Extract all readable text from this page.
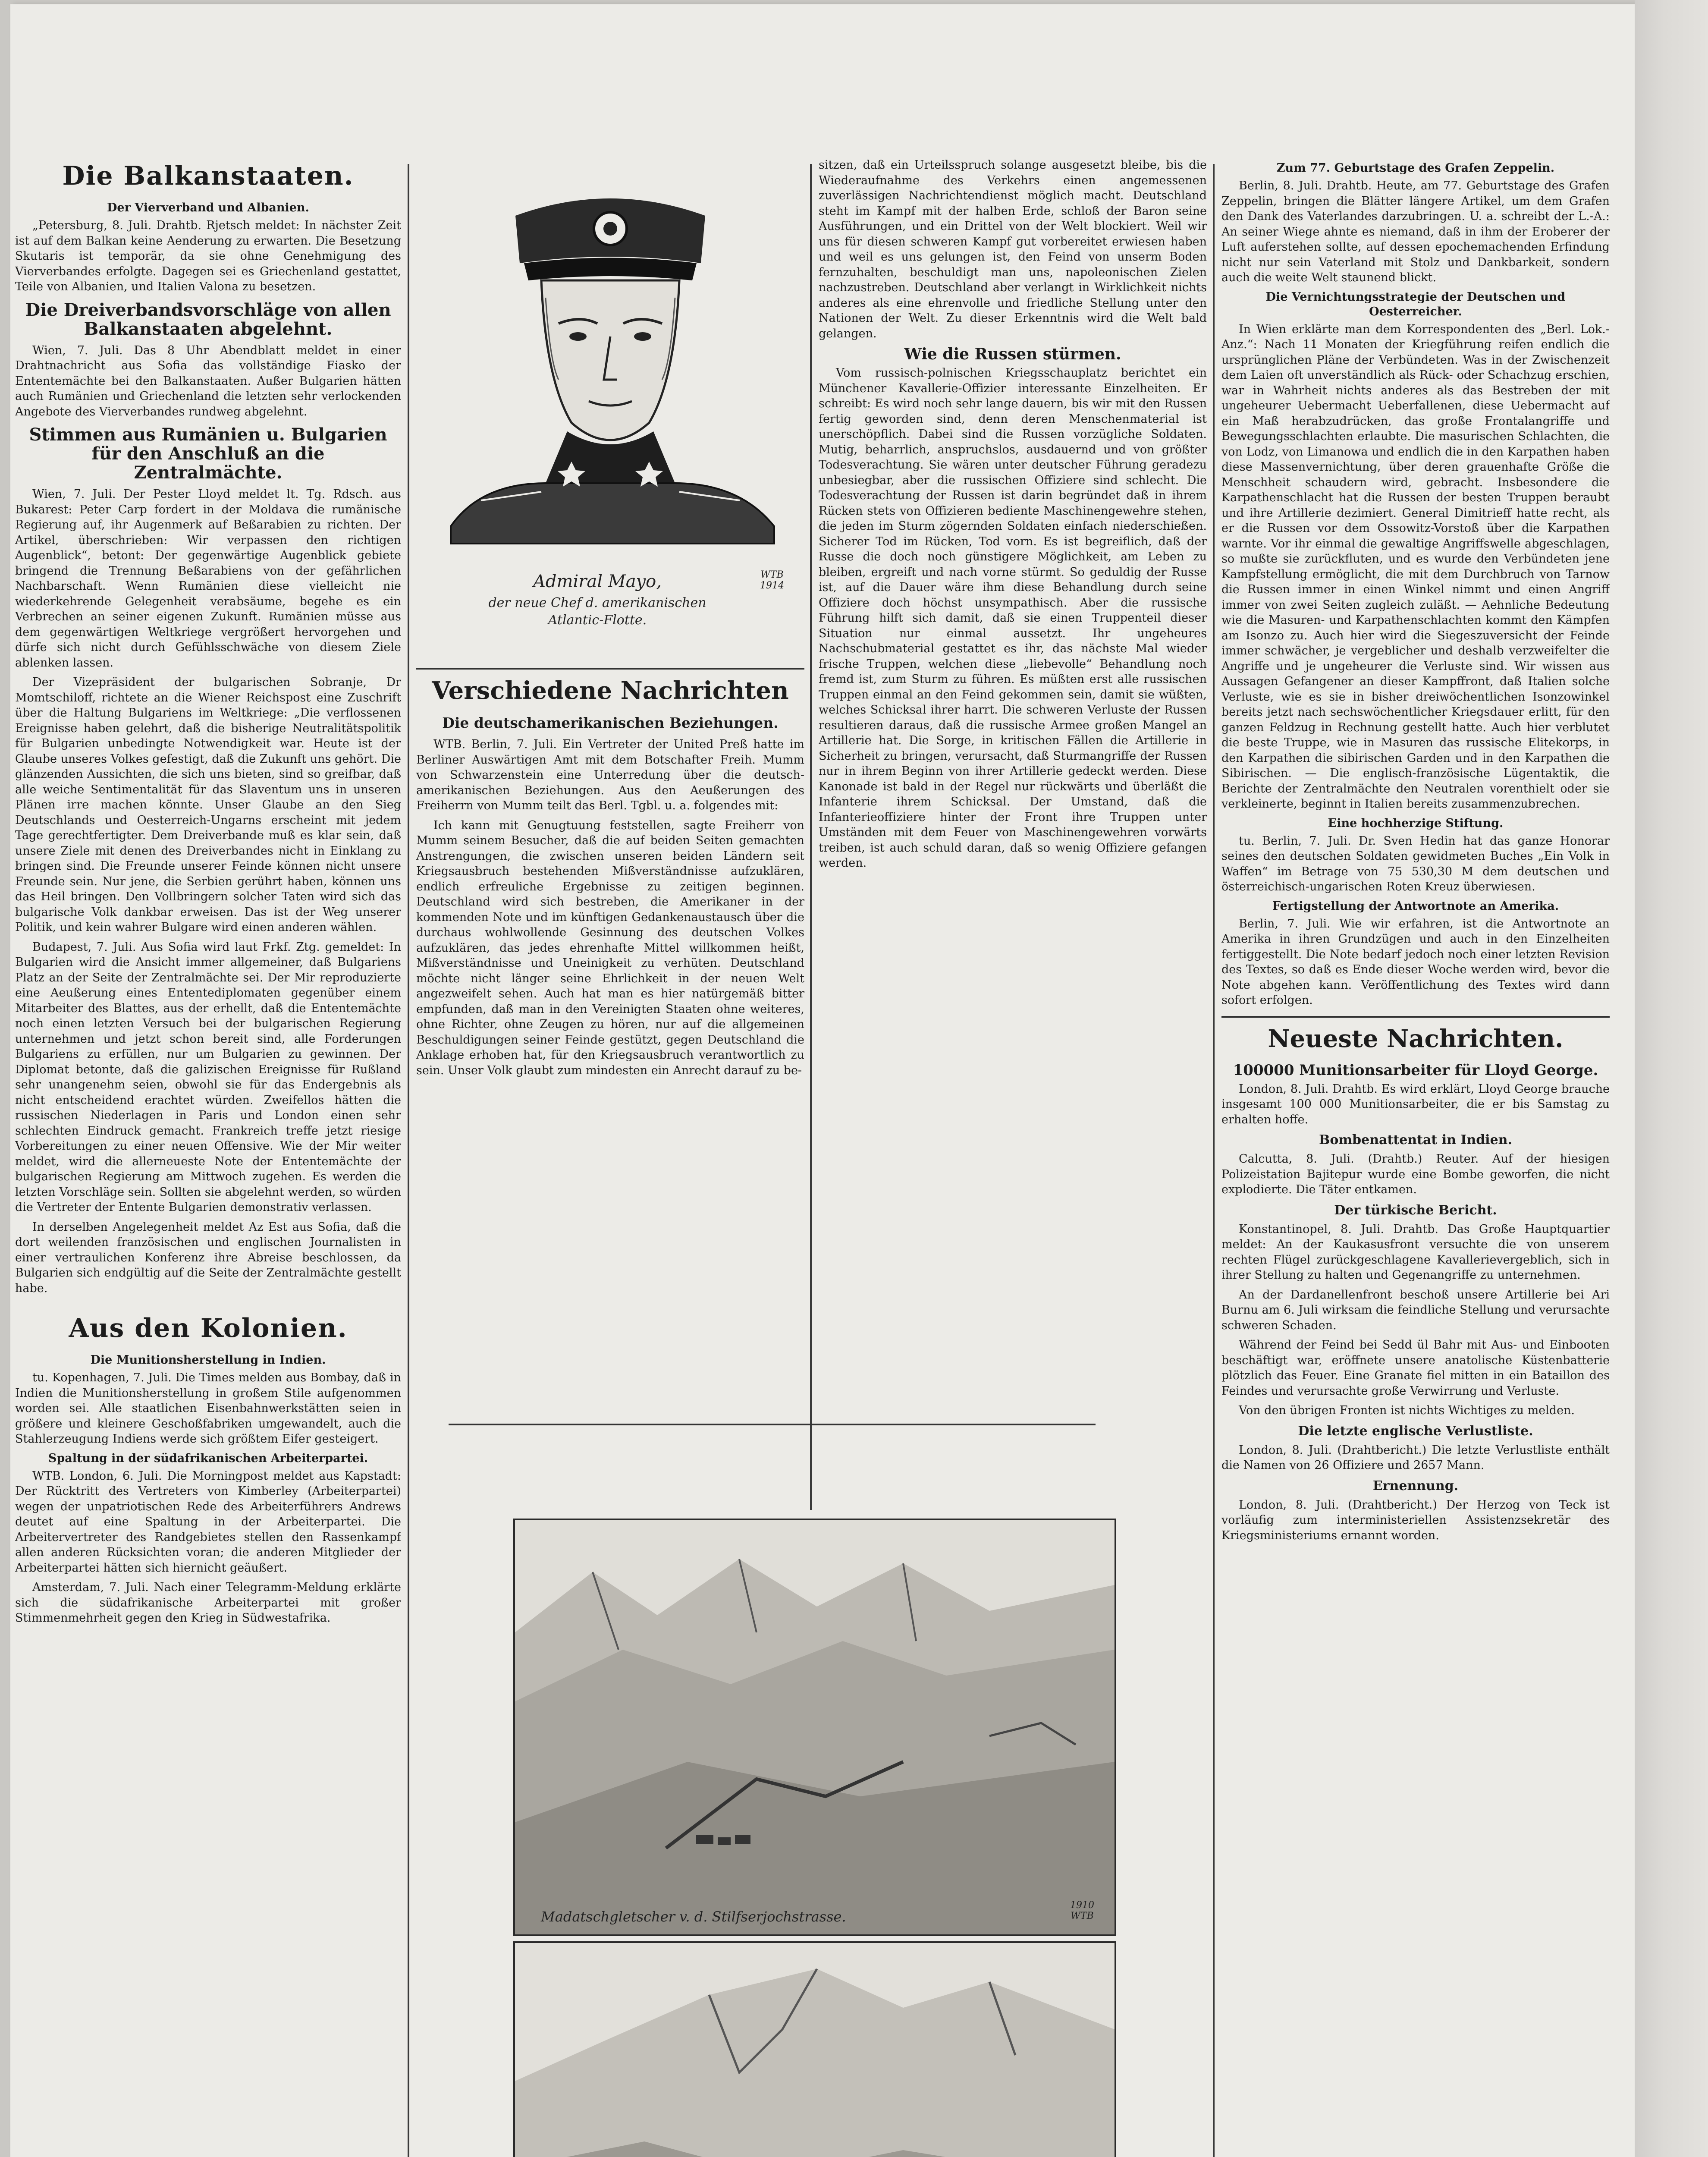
Die Balkanstaaten.
Der Vierverband und Albanien.

„Petersburg, 8. Juli. Drahtb. Rjetsch meldet: In nächster Zeit ist auf dem Balkan keine Aenderung zu erwarten. Die Besetzung Skutaris ist temporär, da sie ohne Genehmigung des Vierverbandes erfolgte. Dagegen sei es Griechenland gestattet, Teile von Albanien, und Italien Valona zu besetzen.

Die Dreiverbandsvorschläge von allen Balkanstaaten abgelehnt.

Wien, 7. Juli. Das 8 Uhr Abendblatt meldet in einer Drahtnachricht aus Sofia das vollständige Fiasko der Ententemächte bei den Balkanstaaten. Außer Bulgarien hätten auch Rumänien und Griechenland die letzten sehr verlockenden Angebote des Vierverbandes rundweg abgelehnt.

Stimmen aus Rumänien u. Bulgarien für den Anschluß an die Zentralmächte.

Wien, 7. Juli. Der Pester Lloyd meldet lt. Tg. Rdsch. aus Bukarest: Peter Carp fordert in der Moldava die rumänische Regierung auf, ihr Augenmerk auf Beßarabien zu richten. Der Artikel, überschrieben: Wir verpassen den richtigen Augenblick“, betont: Der gegenwärtige Augenblick gebiete bringend die Trennung Beßarabiens von der gefährlichen Nachbarschaft. Wenn Rumänien diese vielleicht nie wiederkehrende Gelegenheit verabsäume, begehe es ein Verbrechen an seiner eigenen Zukunft. Rumänien müsse aus dem gegenwärtigen Weltkriege vergrößert hervorgehen und dürfe sich nicht durch Gefühlsschwäche von diesem Ziele ablenken lassen.

Der Vizepräsident der bulgarischen Sobranje, Dr Momtschiloff, richtete an die Wiener Reichspost eine Zuschrift über die Haltung Bulgariens im Weltkriege: „Die verflossenen Ereignisse haben gelehrt, daß die bisherige Neutralitätspolitik für Bulgarien unbedingte Notwendigkeit war. Heute ist der Glaube unseres Volkes gefestigt, daß die Zukunft uns gehört. Die glänzenden Aussichten, die sich uns bieten, sind so greifbar, daß alle weiche Sentimentalität für das Slaventum uns in unseren Plänen irre machen könnte. Unser Glaube an den Sieg Deutschlands und Oesterreich-Ungarns erscheint mit jedem Tage gerechtfertigter. Dem Dreiverbande muß es klar sein, daß unsere Ziele mit denen des Dreiverbandes nicht in Einklang zu bringen sind. Die Freunde unserer Feinde können nicht unsere Freunde sein. Nur jene, die Serbien gerührt haben, können uns das Heil bringen. Den Vollbringern solcher Taten wird sich das bulgarische Volk dankbar erweisen. Das ist der Weg unserer Politik, und kein wahrer Bulgare wird einen anderen wählen.

Budapest, 7. Juli. Aus Sofia wird laut Frkf. Ztg. gemeldet: In Bulgarien wird die Ansicht immer allgemeiner, daß Bulgariens Platz an der Seite der Zentralmächte sei. Der Mir reproduzierte eine Aeußerung eines Ententediplomaten gegenüber einem Mitarbeiter des Blattes, aus der erhellt, daß die Ententemächte noch einen letzten Versuch bei der bulgarischen Regierung unternehmen und jetzt schon bereit sind, alle Forderungen Bulgariens zu erfüllen, nur um Bulgarien zu gewinnen. Der Diplomat betonte, daß die galizischen Ereignisse für Rußland sehr unangenehm seien, obwohl sie für das Endergebnis als nicht entscheidend erachtet würden. Zweifellos hätten die russischen Niederlagen in Paris und London einen sehr schlechten Eindruck gemacht. Frankreich treffe jetzt riesige Vorbereitungen zu einer neuen Offensive. Wie der Mir weiter meldet, wird die allerneueste Note der Ententemächte der bulgarischen Regierung am Mittwoch zugehen. Es werden die letzten Vorschläge sein. Sollten sie abgelehnt werden, so würden die Vertreter der Entente Bulgarien demonstrativ verlassen.

In derselben Angelegenheit meldet Az Est aus Sofia, daß die dort weilenden französischen und englischen Journalisten in einer vertraulichen Konferenz ihre Abreise beschlossen, da Bulgarien sich endgültig auf die Seite der Zentralmächte gestellt habe.

Aus den Kolonien.
Die Munitionsherstellung in Indien.

tu. Kopenhagen, 7. Juli. Die Times melden aus Bombay, daß in Indien die Munitionsherstellung in großem Stile aufgenommen worden sei. Alle staatlichen Eisenbahnwerkstätten seien in größere und kleinere Geschoßfabriken umgewandelt, auch die Stahlerzeugung Indiens werde sich größtem Eifer gesteigert.

Spaltung in der südafrikanischen Arbeiterpartei.

WTB. London, 6. Juli. Die Morningpost meldet aus Kapstadt: Der Rücktritt des Vertreters von Kimberley (Arbeiterpartei) wegen der unpatriotischen Rede des Arbeiterführers Andrews deutet auf eine Spaltung in der Arbeiterpartei. Die Arbeitervertreter des Randgebietes stellen den Rassenkampf allen anderen Rücksichten voran; die anderen Mitglieder der Arbeiterpartei hätten sich hiernicht geäußert.

Amsterdam, 7. Juli. Nach einer Telegramm-Meldung erklärte sich die südafrikanische Arbeiterpartei mit großer Stimmenmehrheit gegen den Krieg in Südwestafrika.

Admiral Mayo,
der neue Chef d. amerikanischen
Atlantic-Flotte.
WTB 1914
Verschiedene Nachrichten
Die deutschamerikanischen Beziehungen.

WTB. Berlin, 7. Juli. Ein Vertreter der United Preß hatte im Berliner Auswärtigen Amt mit dem Botschafter Freih. Mumm von Schwarzenstein eine Unterredung über die deutsch-amerikanischen Beziehungen. Aus den Aeußerungen des Freiherrn von Mumm teilt das Berl. Tgbl. u. a. folgendes mit:

Ich kann mit Genugtuung feststellen, sagte Freiherr von Mumm seinem Besucher, daß die auf beiden Seiten gemachten Anstrengungen, die zwischen unseren beiden Ländern seit Kriegsausbruch bestehenden Mißverständnisse aufzuklären, endlich erfreuliche Ergebnisse zu zeitigen beginnen. Deutschland wird sich bestreben, die Amerikaner in der kommenden Note und im künftigen Gedankenaustausch über die durchaus wohlwollende Gesinnung des deutschen Volkes aufzuklären, das jedes ehrenhafte Mittel willkommen heißt, Mißverständnisse und Uneinigkeit zu verhüten. Deutschland möchte nicht länger seine Ehrlichkeit in der neuen Welt angezweifelt sehen. Auch hat man es hier natürgemäß bitter empfunden, daß man in den Vereinigten Staaten ohne weiteres, ohne Richter, ohne Zeugen zu hören, nur auf die allgemeinen Beschuldigungen seiner Feinde gestützt, gegen Deutschland die Anklage erhoben hat, für den Kriegsausbruch verantwortlich zu sein. Unser Volk glaubt zum mindesten ein Anrecht darauf zu be-

sitzen, daß ein Urteilsspruch solange ausgesetzt bleibe, bis die Wiederaufnahme des Verkehrs einen angemessenen zuverlässigen Nachrichtendienst möglich macht. Deutschland steht im Kampf mit der halben Erde, schloß der Baron seine Ausführungen, und ein Drittel von der Welt blockiert. Weil wir uns für diesen schweren Kampf gut vorbereitet erwiesen haben und weil es uns gelungen ist, den Feind von unserm Boden fernzuhalten, beschuldigt man uns, napoleonischen Zielen nachzustreben. Deutschland aber verlangt in Wirklichkeit nichts anderes als eine ehrenvolle und friedliche Stellung unter den Nationen der Welt. Zu dieser Erkenntnis wird die Welt bald gelangen.

Wie die Russen stürmen.

Vom russisch-polnischen Kriegsschauplatz berichtet ein Münchener Kavallerie-Offizier interessante Einzelheiten. Er schreibt: Es wird noch sehr lange dauern, bis wir mit den Russen fertig geworden sind, denn deren Menschenmaterial ist unerschöpflich. Dabei sind die Russen vorzügliche Soldaten. Mutig, beharrlich, anspruchslos, ausdauernd und von größter Todesverachtung. Sie wären unter deutscher Führung geradezu unbesiegbar, aber die russischen Offiziere sind schlecht. Die Todesverachtung der Russen ist darin begründet daß in ihrem Rücken stets von Offizieren bediente Maschinengewehre stehen, die jeden im Sturm zögernden Soldaten einfach niederschießen. Sicherer Tod im Rücken, Tod vorn. Es ist begreiflich, daß der Russe die doch noch günstigere Möglichkeit, am Leben zu bleiben, ergreift und nach vorne stürmt. So geduldig der Russe ist, auf die Dauer wäre ihm diese Behandlung durch seine Offiziere doch höchst unsympathisch. Aber die russische Führung hilft sich damit, daß sie einen Truppenteil dieser Situation nur einmal aussetzt. Ihr ungeheures Nachschubmaterial gestattet es ihr, das nächste Mal wieder frische Truppen, welchen diese „liebevolle“ Behandlung noch fremd ist, zum Sturm zu führen. Es müßten erst alle russischen Truppen einmal an den Feind gekommen sein, damit sie wüßten, welches Schicksal ihrer harrt. Die schweren Verluste der Russen resultieren daraus, daß die russische Armee großen Mangel an Artillerie hat. Die Sorge, in kritischen Fällen die Artillerie in Sicherheit zu bringen, verursacht, daß Sturmangriffe der Russen nur in ihrem Beginn von ihrer Artillerie gedeckt werden. Diese Kanonade ist bald in der Regel nur rückwärts und überläßt die Infanterie ihrem Schicksal. Der Umstand, daß die Infanterieoffiziere hinter der Front ihre Truppen unter Umständen mit dem Feuer von Maschinengewehren vorwärts treiben, ist auch schuld daran, daß so wenig Offiziere gefangen werden.

Madatschgletscher v. d. Stilfserjochstrasse.
1910 WTB
Zum 77. Geburtstage des Grafen Zeppelin.

Berlin, 8. Juli. Drahtb. Heute, am 77. Geburtstage des Grafen Zeppelin, bringen die Blätter längere Artikel, um dem Grafen den Dank des Vaterlandes darzubringen. U. a. schreibt der L.-A.: An seiner Wiege ahnte es niemand, daß in ihm der Eroberer der Luft auferstehen sollte, auf dessen epochemachenden Erfindung nicht nur sein Vaterland mit Stolz und Dankbarkeit, sondern auch die weite Welt staunend blickt.

Die Vernichtungsstrategie der Deutschen und Oesterreicher.

In Wien erklärte man dem Korrespondenten des „Berl. Lok.-Anz.“: Nach 11 Monaten der Kriegführung reifen endlich die ursprünglichen Pläne der Verbündeten. Was in der Zwischenzeit dem Laien oft unverständlich als Rück- oder Schachzug erschien, war in Wahrheit nichts anderes als das Bestreben der mit ungeheurer Uebermacht Ueberfallenen, diese Uebermacht auf ein Maß herabzudrücken, das große Frontalangriffe und Bewegungsschlachten erlaubte. Die masurischen Schlachten, die von Lodz, von Limanowa und endlich die in den Karpathen haben diese Massenvernichtung, über deren grauenhafte Größe die Menschheit schaudern wird, gebracht. Insbesondere die Karpathenschlacht hat die Russen der besten Truppen beraubt und ihre Artillerie dezimiert. General Dimitrieff hatte recht, als er die Russen vor dem Ossowitz-Vorstoß über die Karpathen warnte. Vor ihr einmal die gewaltige Angriffswelle abgeschlagen, so mußte sie zurückfluten, und es wurde den Verbündeten jene Kampfstellung ermöglicht, die mit dem Durchbruch von Tarnow die Russen immer in einen Winkel nimmt und einen Angriff immer von zwei Seiten zugleich zuläßt. — Aehnliche Bedeutung wie die Masuren- und Karpathenschlachten kommt den Kämpfen am Isonzo zu. Auch hier wird die Siegeszuversicht der Feinde immer schwächer, je vergeblicher und deshalb verzweifelter die Angriffe und je ungeheurer die Verluste sind. Wir wissen aus Aussagen Gefangener an dieser Kampffront, daß Italien solche Verluste, wie es sie in bisher dreiwöchentlichen Isonzowinkel bereits jetzt nach sechswöchentlicher Kriegsdauer erlitt, für den ganzen Feldzug in Rechnung gestellt hatte. Auch hier verblutet die beste Truppe, wie in Masuren das russische Elitekorps, in den Karpathen die sibirischen Garden und in den Karpathen die Sibirischen. — Die englisch-französische Lügentaktik, die Berichte der Zentralmächte den Neutralen vorenthielt oder sie verkleinerte, beginnt in Italien bereits zusammenzubrechen.

Eine hochherzige Stiftung.

tu. Berlin, 7. Juli. Dr. Sven Hedin hat das ganze Honorar seines den deutschen Soldaten gewidmeten Buches „Ein Volk in Waffen“ im Betrage von 75 530,30 M dem deutschen und österreichisch-ungarischen Roten Kreuz überwiesen.

Fertigstellung der Antwortnote an Amerika.

Berlin, 7. Juli. Wie wir erfahren, ist die Antwortnote an Amerika in ihren Grundzügen und auch in den Einzelheiten fertiggestellt. Die Note bedarf jedoch noch einer letzten Revision des Textes, so daß es Ende dieser Woche werden wird, bevor die Note abgehen kann. Veröffentlichung des Textes wird dann sofort erfolgen.

Neueste Nachrichten.
100000 Munitionsarbeiter für Lloyd George.

London, 8. Juli. Drahtb. Es wird erklärt, Lloyd George brauche insgesamt 100 000 Munitionsarbeiter, die er bis Samstag zu erhalten hoffe.

Bombenattentat in Indien.

Calcutta, 8. Juli. (Drahtb.) Reuter. Auf der hiesigen Polizeistation Bajitepur wurde eine Bombe geworfen, die nicht explodierte. Die Täter entkamen.

Der türkische Bericht.

Konstantinopel, 8. Juli. Drahtb. Das Große Hauptquartier meldet: An der Kaukasusfront versuchte die von unserem rechten Flügel zurückgeschlagene Kavallerievergeblich, sich in ihrer Stellung zu halten und Gegenangriffe zu unternehmen.

An der Dardanellenfront beschoß unsere Artillerie bei Ari Burnu am 6. Juli wirksam die feindliche Stellung und verursachte schweren Schaden.

Während der Feind bei Sedd ül Bahr mit Aus- und Einbooten beschäftigt war, eröffnete unsere anatolische Küstenbatterie plötzlich das Feuer. Eine Granate fiel mitten in ein Bataillon des Feindes und verursachte große Verwirrung und Verluste.

Von den übrigen Fronten ist nichts Wichtiges zu melden.

Die letzte englische Verlustliste.

London, 8. Juli. (Drahtbericht.) Die letzte Verlustliste enthält die Namen von 26 Offiziere und 2657 Mann.

Ernennung.

London, 8. Juli. (Drahtbericht.) Der Herzog von Teck ist vorläufig zum interministeriellen Assistenzsekretär des Kriegsministeriums ernannt worden.
